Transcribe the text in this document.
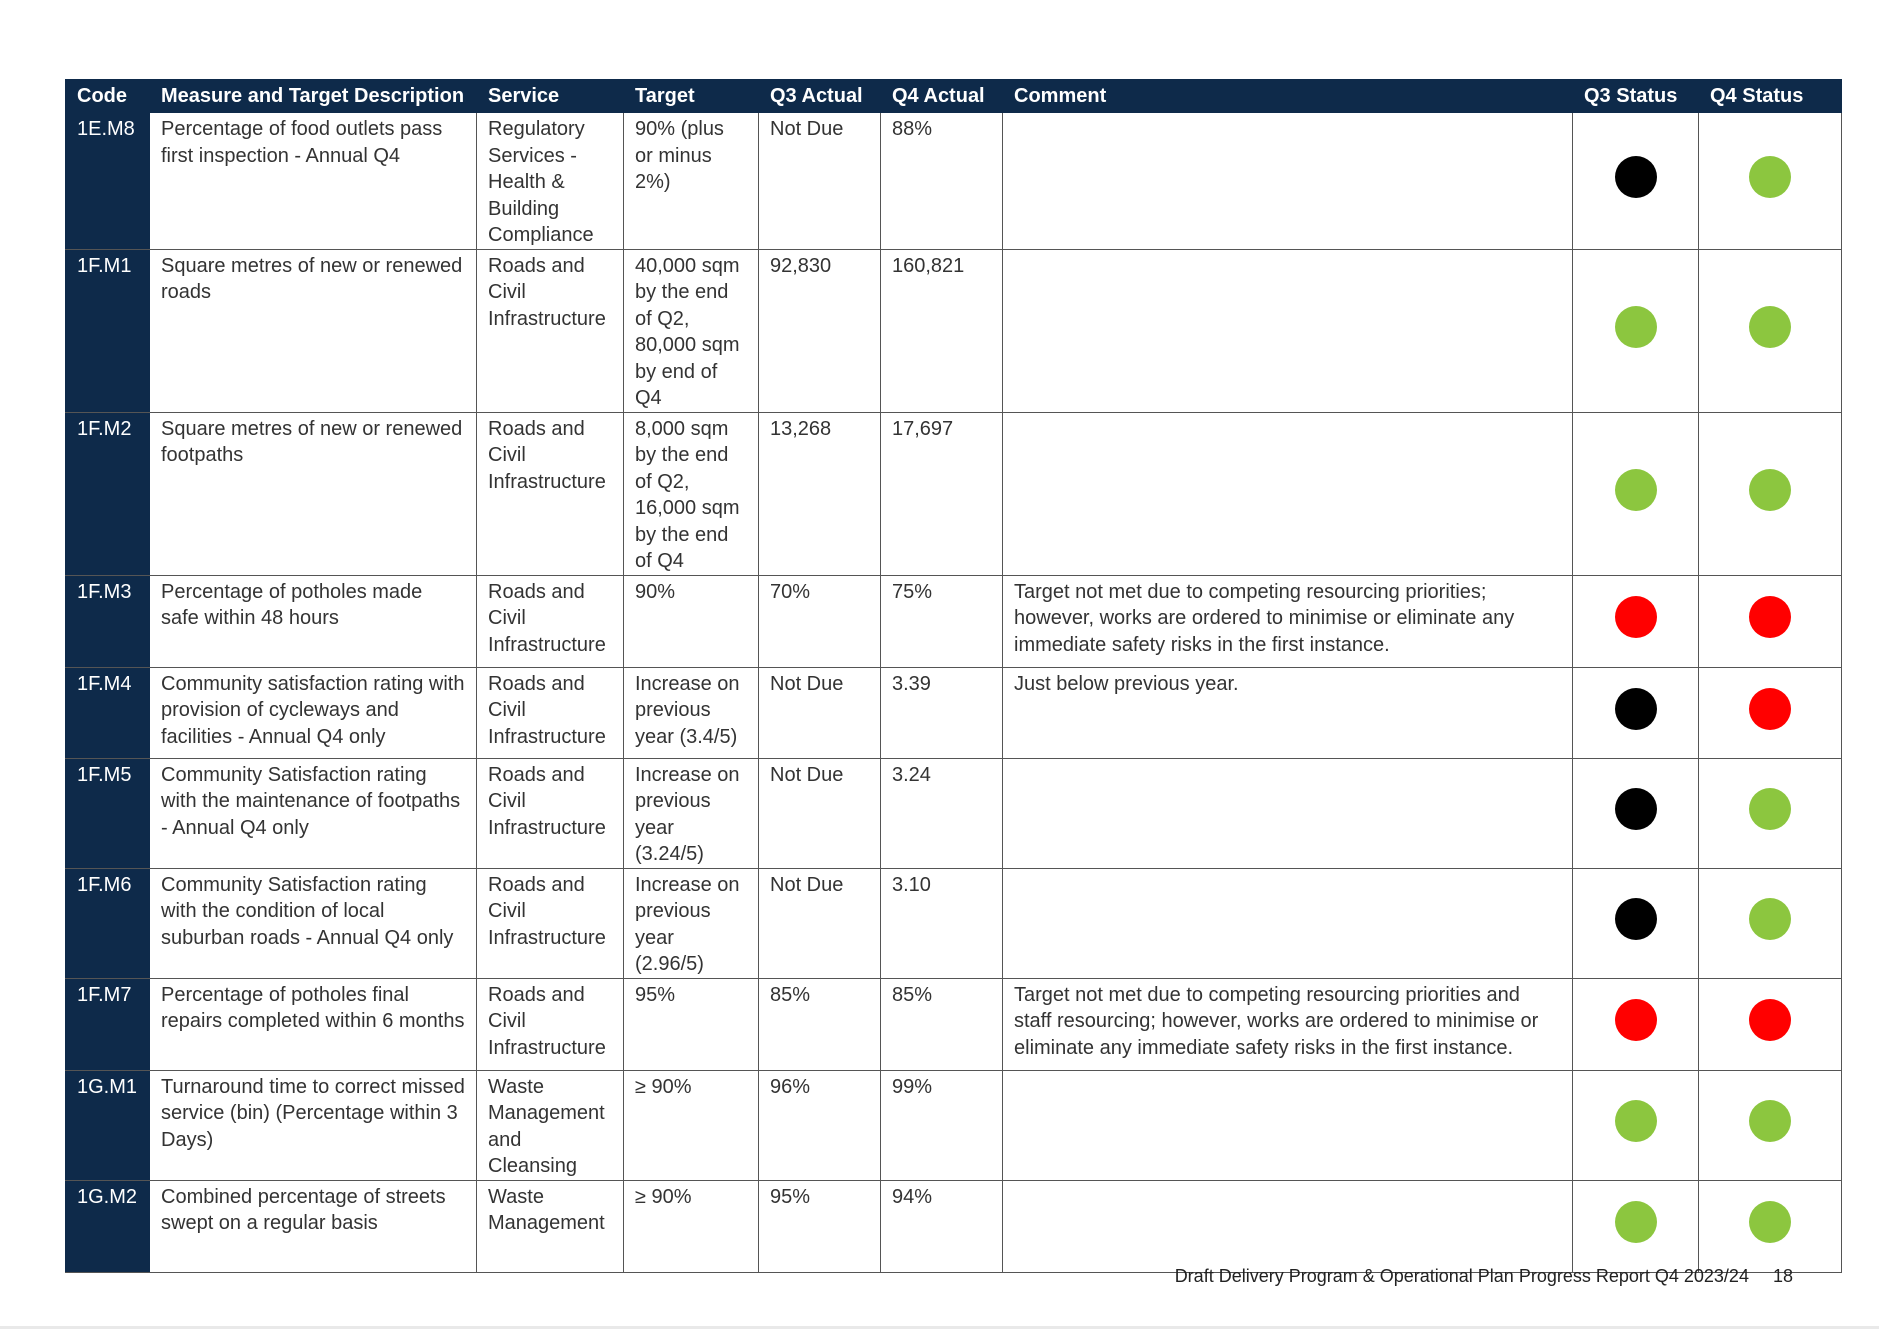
Code	Measure and Target Description	Service	Target	Q3 Actual	Q4 Actual	Comment	Q3 Status	Q4 Status
1E.M8	Percentage of food outlets pass first inspection - Annual Q4	Regulatory Services - Health & Building Compliance	90% (plus or minus 2%)	Not Due	88%			
1F.M1	Square metres of new or renewed roads	Roads and Civil Infrastructure	40,000 sqm by the end of Q2, 80,000 sqm by end of Q4	92,830	160,821			
1F.M2	Square metres of new or renewed footpaths	Roads and Civil Infrastructure	8,000 sqm by the end of Q2, 16,000 sqm by the end of Q4	13,268	17,697			
1F.M3	Percentage of potholes made safe within 48 hours	Roads and Civil Infrastructure	90%	70%	75%	Target not met due to competing resourcing priorities; however, works are ordered to minimise or eliminate any immediate safety risks in the first instance.		
1F.M4	Community satisfaction rating with provision of cycleways and facilities - Annual Q4 only	Roads and Civil Infrastructure	Increase on previous year (3.4/5)	Not Due	3.39	Just below previous year.		
1F.M5	Community Satisfaction rating with the maintenance of footpaths - Annual Q4 only	Roads and Civil Infrastructure	Increase on previous year (3.24/5)	Not Due	3.24			
1F.M6	Community Satisfaction rating with the condition of local suburban roads - Annual Q4 only	Roads and Civil Infrastructure	Increase on previous year (2.96/5)	Not Due	3.10			
1F.M7	Percentage of potholes final repairs completed within 6 months	Roads and Civil Infrastructure	95%	85%	85%	Target not met due to competing resourcing priorities and staff resourcing; however, works are ordered to minimise or eliminate any immediate safety risks in the first instance.		
1G.M1	Turnaround time to correct missed service (bin) (Percentage within 3 Days)	Waste Management and Cleansing	≥ 90%	96%	99%			
1G.M2	Combined percentage of streets swept on a regular basis	Waste Management	≥ 90%	95%	94%			
Draft Delivery Program & Operational Plan Progress Report Q4 2023/24 18
